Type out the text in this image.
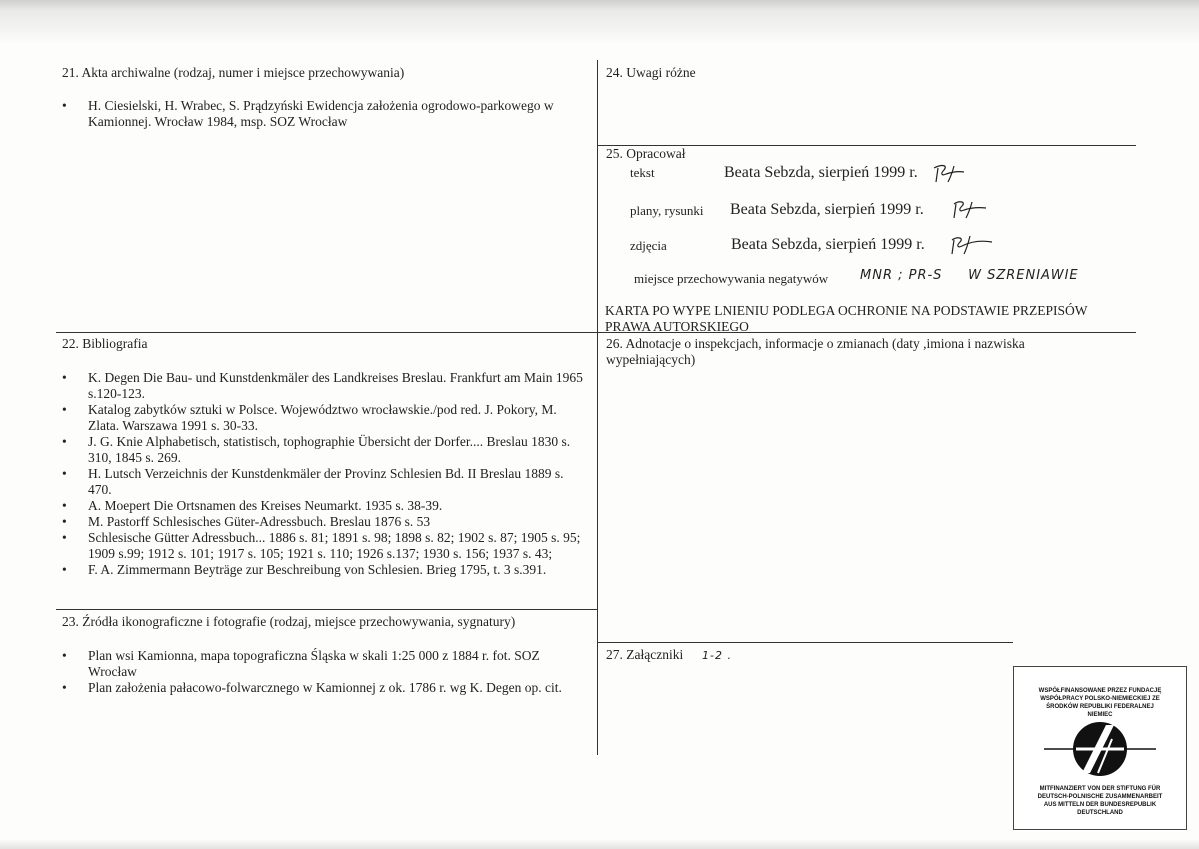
21. Akta archiwalne (rodzaj, numer i miejsce przechowywania)
• H. Ciesielski, H. Wrabec, S. Prądzyński Ewidencja założenia ogrodowo-parkowego w Kamionnej. Wrocław 1984, msp. SOZ Wrocław
22. Bibliografia
• K. Degen Die Bau- und Kunstdenkmäler des Landkreises Breslau. Frankfurt am Main 1965 s.120-123.
• Katalog zabytków sztuki w Polsce. Województwo wrocławskie./pod red. J. Pokory, M. Zlata. Warszawa 1991 s. 30-33.
• J. G. Knie Alphabetisch, statistisch, tophographie Übersicht der Dorfer.... Breslau 1830 s. 310, 1845 s. 269.
• H. Lutsch Verzeichnis der Kunstdenkmäler der Provinz Schlesien Bd. II Breslau 1889 s. 470.
• A. Moepert Die Ortsnamen des Kreises Neumarkt. 1935 s. 38-39.
• M. Pastorff Schlesisches Güter-Adressbuch. Breslau 1876 s. 53
• Schlesische Gütter Adressbuch... 1886 s. 81; 1891 s. 98; 1898 s. 82; 1902 s. 87; 1905 s. 95; 1909 s.99; 1912 s. 101; 1917 s. 105; 1921 s. 110; 1926 s.137; 1930 s. 156; 1937 s. 43;
• F. A. Zimmermann Beyträge zur Beschreibung von Schlesien. Brieg 1795, t. 3 s.391.
23. Źródła ikonograficzne i fotografie (rodzaj, miejsce przechowywania, sygnatury)
• Plan wsi Kamionna, mapa topograficzna Śląska w skali 1:25 000 z 1884 r. fot. SOZ Wrocław
• Plan założenia pałacowo-folwarcznego w Kamionnej z ok. 1786 r. wg K. Degen op. cit.
24. Uwagi różne
25. Opracował
tekst	Beata Sebzda, sierpień 1999 r.
plany, rysunki Beata Sebzda, sierpień 1999 r.
zdjęcia	Beata Sebzda, sierpień 1999 r.
miejsce przechowywania negatywów MNR ; PR-S     W SZRENIAWIE
KARTA PO WYPE LNIENIU PODLEGA OCHRONIE NA PODSTAWIE PRZEPISÓW PRAWA AUTORSKIEGO
26. Adnotacje o inspekcjach, informacje o zmianach (daty ,imiona i nazwiska wypełniających)
27. Załączniki 1-2 .
WSPÓŁFINANSOWANE PRZEZ FUNDACJĘ WSPÓŁPRACY POLSKO-NIEMIECKIEJ ZE ŚRODKÓW REPUBLIKI FEDERALNEJ NIEMIEC
MITFINANZIERT VON DER STIFTUNG FÜR DEUTSCH-POLNISCHE ZUSAMMENARBEIT AUS MITTELN DER BUNDESREPUBLIK DEUTSCHLAND
